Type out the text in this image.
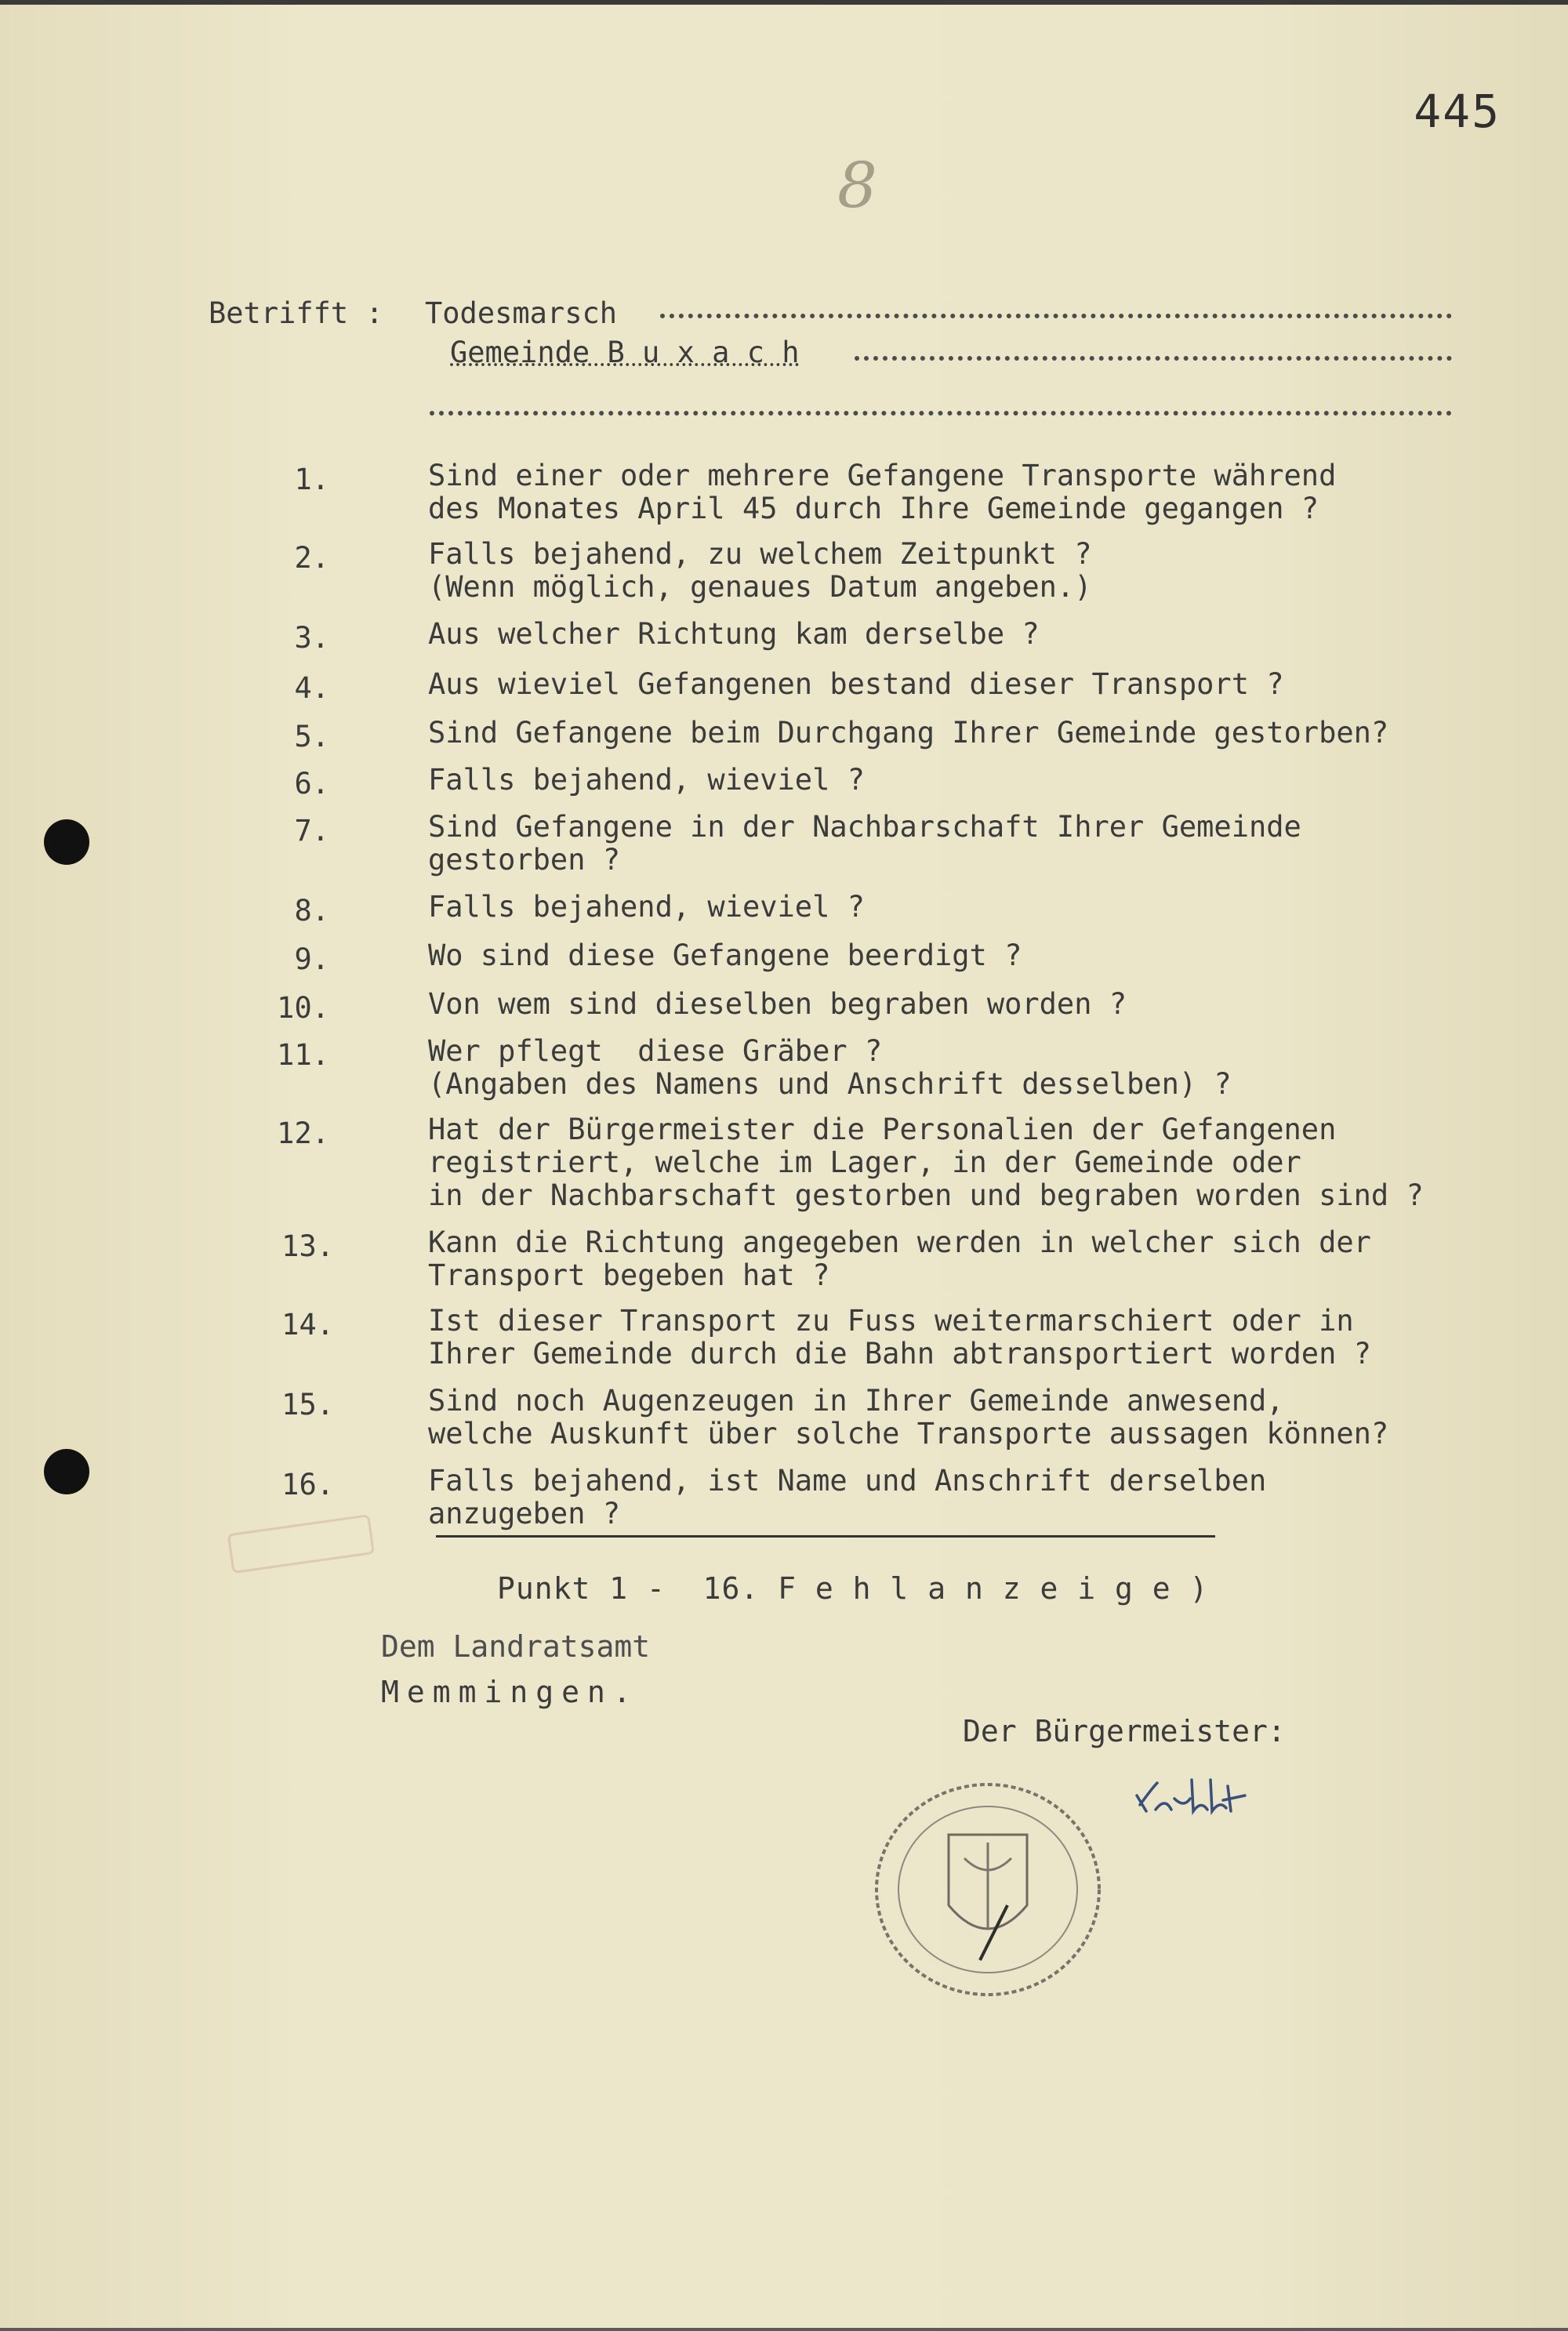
445
8

Betrifft :

Todesmarsch

Gemeinde B u x a c h
1.	Sind einer oder mehrere Gefangene Transporte während
des Monates April 45 durch Ihre Gemeinde gegangen ?
2.	Falls bejahend, zu welchem Zeitpunkt ?
(Wenn möglich, genaues Datum angeben.)
3.	Aus welcher Richtung kam derselbe ?
4.	Aus wieviel Gefangenen bestand dieser Transport ?
5.	Sind Gefangene beim Durchgang Ihrer Gemeinde gestorben?
6.	Falls bejahend, wieviel ?
7.	Sind Gefangene in der Nachbarschaft Ihrer Gemeinde
gestorben ?
8.	Falls bejahend, wieviel ?
9.	Wo sind diese Gefangene beerdigt ?
10.	Von wem sind dieselben begraben worden ?
11.	Wer pflegt  diese Gräber ?
(Angaben des Namens und Anschrift desselben) ?
12.	Hat der Bürgermeister die Personalien der Gefangenen
registriert, welche im Lager, in der Gemeinde oder
in der Nachbarschaft gestorben und begraben worden sind ?
13.	Kann die Richtung angegeben werden in welcher sich der
Transport begeben hat ?
14.	Ist dieser Transport zu Fuss weitermarschiert oder in
Ihrer Gemeinde durch die Bahn abtransportiert worden ?
15.	Sind noch Augenzeugen in Ihrer Gemeinde anwesend,
welche Auskunft über solche Transporte aussagen können?
16.	Falls bejahend, ist Name und Anschrift derselben
anzugeben ?
Punkt 1 -  16. F e h l a n z e i g e )
Dem Landratsamt
Memmingen.
Der Bürgermeister:
